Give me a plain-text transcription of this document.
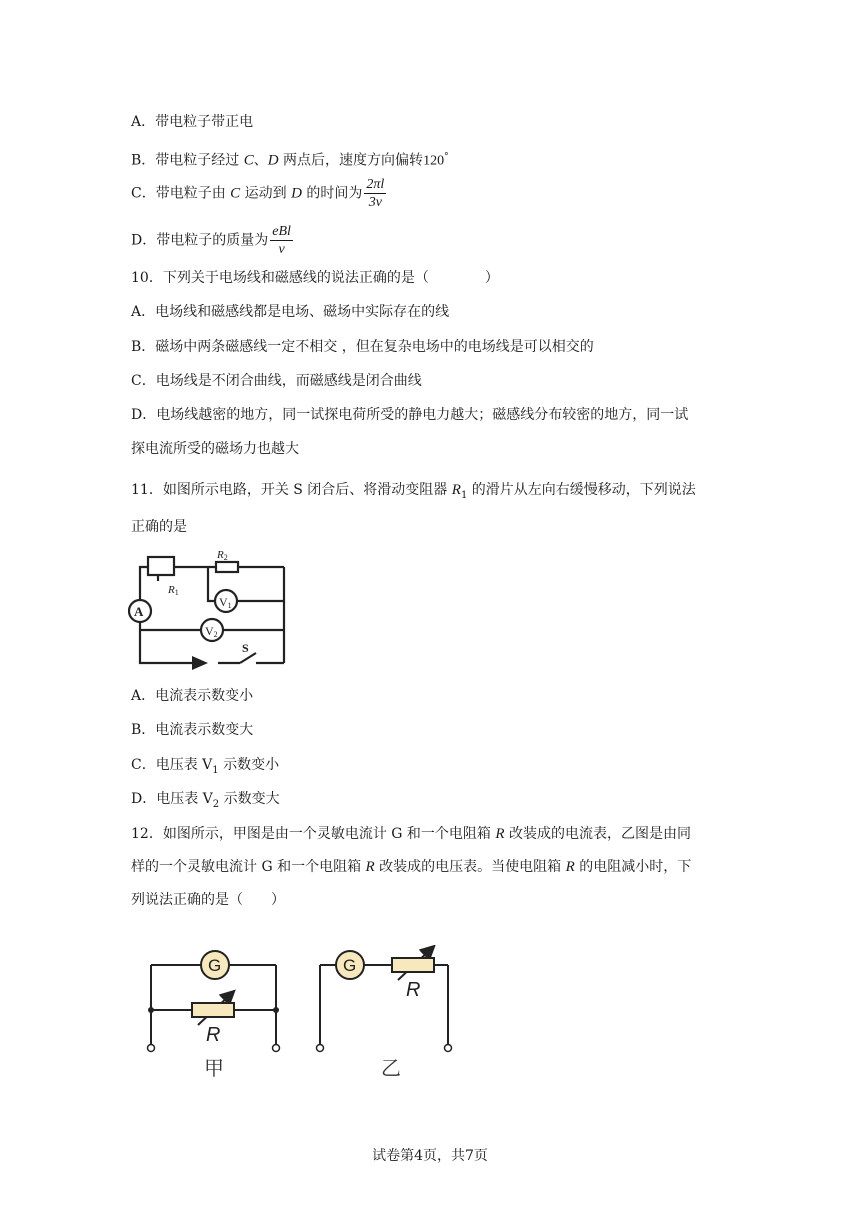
A．带电粒子带正电
B．带电粒子经过 C、D 两点后，速度方向偏转120°
C．带电粒子由 C 运动到 D 的时间为 $\frac{2\pi l}{3v}$
D．带电粒子的质量为 $\frac{\text{eBl}}{v}$
10．下列关于电场线和磁感线的说法正确的是（　　　　）
A．电场线和磁感线都是电场、磁场中实际存在的线
B．磁场中两条磁感线一定不相交 ，但在复杂电场中的电场线是可以相交的
C．电场线是不闭合曲线，而磁感线是闭合曲线
D．电场线越密的地方，同一试探电荷所受的静电力越大；磁感线分布较密的地方，同一试
探电流所受的磁场力也越大
11．如图所示电路，开关 S 闭合后、将滑动变阻器 $R_1$ 的滑片从左向右缓慢移动，下列说法
正确的是
A
V1
V2
R1
R2
S
A．电流表示数变小
B．电流表示数变大
C．电压表 $V_1$ 示数变小
D．电压表 $V_2$ 示数变大
12．如图所示，甲图是由一个灵敏电流计 G 和一个电阻箱 R 改装成的电流表，乙图是由同
样的一个灵敏电流计 G 和一个电阻箱 R 改装成的电压表。当使电阻箱 R 的电阻减小时，下
列说法正确的是（　　）
G	G
R
R
甲	乙
试卷第4页，共7页
